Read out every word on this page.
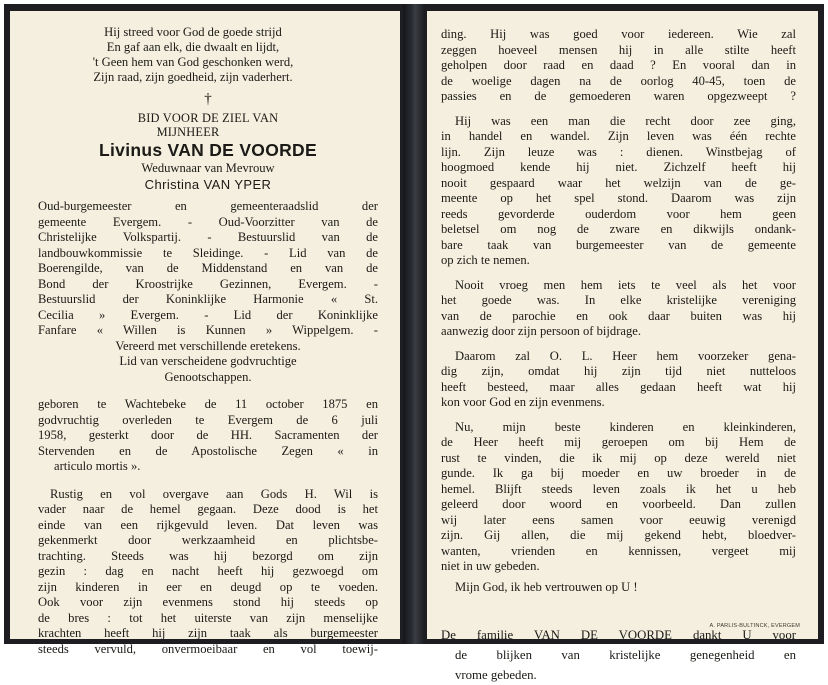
Hij streed voor God de goede strijd
En gaf aan elk, die dwaalt en lijdt,
't Geen hem van God geschonken werd,
Zijn raad, zijn goedheid, zijn vaderhert.
†
BID VOOR DE ZIEL VAN
MIJNHEER
Livinus VAN DE VOORDE
Weduwnaar van Mevrouw
Christina VAN YPER
Oud-burgemeester en gemeenteraadslid der
gemeente Evergem. - Oud-Voorzitter van de
Christelijke Volkspartij. - Bestuurslid van de
landbouwkommissie te Sleidinge. - Lid van de
Boerengilde, van de Middenstand en van de
Bond der Kroostrijke Gezinnen, Evergem. -
Bestuurslid der Koninklijke Harmonie « St.
Cecilia » Evergem. - Lid der Koninklijke
Fanfare « Willen is Kunnen » Wippelgem. -
Vereerd met verschillende eretekens.
Lid van verscheidene godvruchtige
Genootschappen.
geboren te Wachtebeke de 11 october 1875 en
godvruchtig overleden te Evergem de 6 juli
1958, gesterkt door de HH. Sacramenten der
Stervenden en de Apostolische Zegen « in
articulo mortis ».
Rustig en vol overgave aan Gods H. Wil is
vader naar de hemel gegaan. Deze dood is het
einde van een rijkgevuld leven. Dat leven was
gekenmerkt door werkzaamheid en plichtsbe-
trachting. Steeds was hij bezorgd om zijn
gezin : dag en nacht heeft hij gezwoegd om
zijn kinderen in eer en deugd op te voeden.
Ook voor zijn evenmens stond hij steeds op
de bres : tot het uiterste van zijn menselijke
krachten heeft hij zijn taak als burgemeester
steeds vervuld, onvermoeibaar en vol toewij-
ding. Hij was goed voor iedereen. Wie zal
zeggen hoeveel mensen hij in alle stilte heeft
geholpen door raad en daad ? En vooral dan in
de woelige dagen na de oorlog 40-45, toen de
passies en de gemoederen waren opgezweept ?
Hij was een man die recht door zee ging,
in handel en wandel. Zijn leven was één rechte
lijn. Zijn leuze was : dienen. Winstbejag of
hoogmoed kende hij niet. Zichzelf heeft hij
nooit gespaard waar het welzijn van de ge-
meente op het spel stond. Daarom was zijn
reeds gevorderde ouderdom voor hem geen
beletsel om nog de zware en dikwijls ondank-
bare taak van burgemeester van de gemeente
op zich te nemen.
Nooit vroeg men hem iets te veel als het voor
het goede was. In elke kristelijke vereniging
van de parochie en ook daar buiten was hij
aanwezig door zijn persoon of bijdrage.
Daarom zal O. L. Heer hem voorzeker gena-
dig zijn, omdat hij zijn tijd niet nutteloos
heeft besteed, maar alles gedaan heeft wat hij
kon voor God en zijn evenmens.
Nu, mijn beste kinderen en kleinkinderen,
de Heer heeft mij geroepen om bij Hem de
rust te vinden, die ik mij op deze wereld niet
gunde. Ik ga bij moeder en uw broeder in de
hemel. Blijft steeds leven zoals ik het u heb
geleerd door woord en voorbeeld. Dan zullen
wij later eens samen voor eeuwig verenigd
zijn. Gij allen, die mij gekend hebt, bloedver-
wanten, vrienden en kennissen, vergeet mij
niet in uw gebeden.
Mijn God, ik heb vertrouwen op U !
De familie VAN DE VOORDE dankt U voor
de blijken van kristelijke genegenheid en
vrome gebeden.
A. PARLIS-BULTINCK, EVERGEM
